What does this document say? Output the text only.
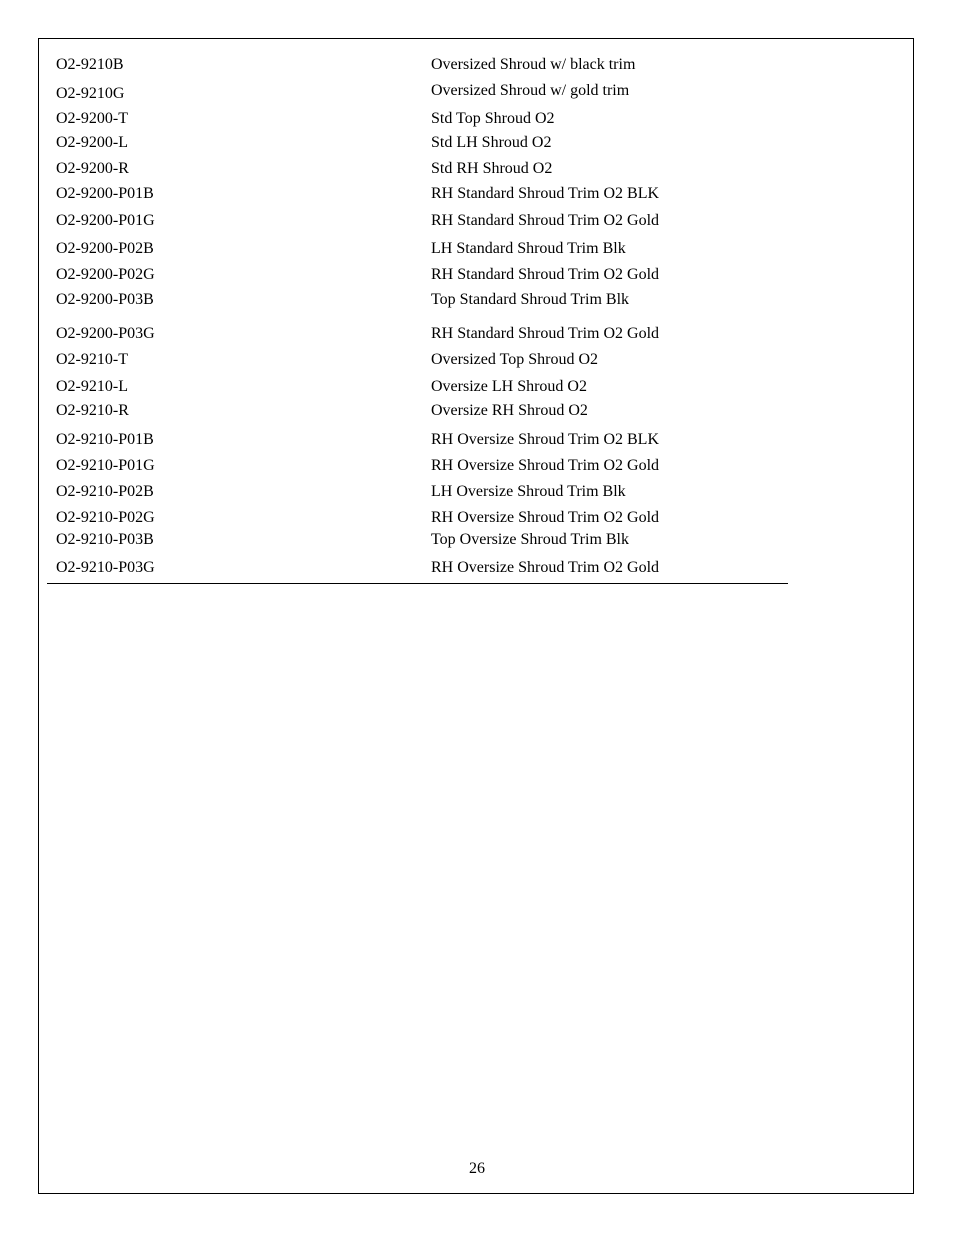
O2-9210B	Oversized Shroud w/ black trim
O2-9210G	Oversized Shroud w/ gold trim
O2-9200-T	Std Top Shroud O2
O2-9200-L	Std LH Shroud O2
O2-9200-R	Std RH Shroud O2
O2-9200-P01B	RH Standard Shroud Trim O2 BLK
O2-9200-P01G	RH Standard Shroud Trim O2 Gold
O2-9200-P02B	LH Standard Shroud Trim Blk
O2-9200-P02G	RH Standard Shroud Trim O2 Gold
O2-9200-P03B	Top Standard Shroud Trim Blk
O2-9200-P03G	RH Standard Shroud Trim O2 Gold
O2-9210-T	Oversized Top Shroud O2
O2-9210-L	Oversize LH Shroud O2
O2-9210-R	Oversize RH Shroud O2
O2-9210-P01B	RH Oversize Shroud Trim O2 BLK
O2-9210-P01G	RH Oversize Shroud Trim O2 Gold
O2-9210-P02B	LH Oversize Shroud Trim Blk
O2-9210-P02G	RH Oversize Shroud Trim O2 Gold
O2-9210-P03B	Top Oversize Shroud Trim Blk
O2-9210-P03G	RH Oversize Shroud Trim O2 Gold
26
